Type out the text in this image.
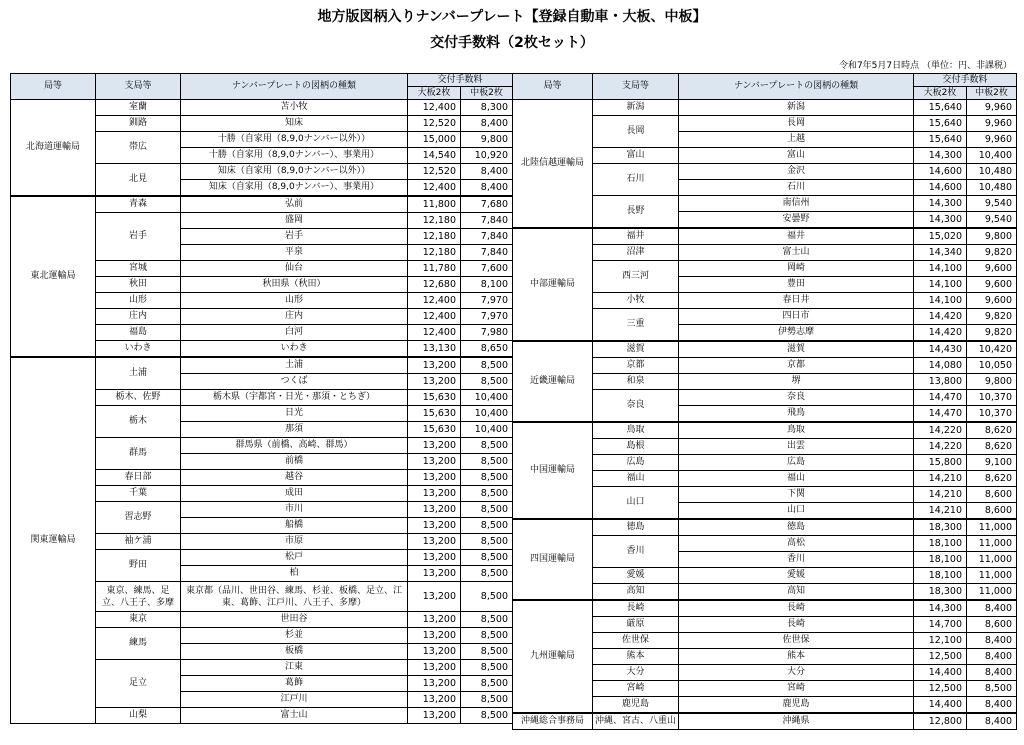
地方版図柄入りナンバープレート【登録自動車・大板、中板】
交付手数料（2枚セット）
令和7年5月7日時点 （単位：円、非課税）
局等	支局等	ナンバープレートの図柄の種類	交付手数料	
			大板2枚	中板2枚
北海道運輸局	室蘭	苫小牧	12,400	8,300
	釧路	知床	12,520	8,400
	帯広	十勝（自家用（8,9,0ナンバー以外））	15,000	9,800
		十勝（自家用（8,9,0ナンバー）、事業用）	14,540	10,920
	北見	知床（自家用（8,9,0ナンバー以外））	12,520	8,400
		知床（自家用（8,9,0ナンバー）、事業用）	12,400	8,400
東北運輸局	青森	弘前	11,800	7,680
	岩手	盛岡	12,180	7,840
		岩手	12,180	7,840
		平泉	12,180	7,840
	宮城	仙台	11,780	7,600
	秋田	秋田県（秋田）	12,680	8,100
	山形	山形	12,400	7,970
	庄内	庄内	12,400	7,970
	福島	白河	12,400	7,980
	いわき	いわき	13,130	8,650
関東運輸局	土浦	土浦	13,200	8,500
		つくば	13,200	8,500
	栃木、佐野	栃木県（宇都宮・日光・那須・とちぎ）	15,630	10,400
	栃木	日光	15,630	10,400
		那須	15,630	10,400
	群馬	群馬県（前橋、高崎、群馬）	13,200	8,500
		前橋	13,200	8,500
	春日部	越谷	13,200	8,500
	千葉	成田	13,200	8,500
	習志野	市川	13,200	8,500
		船橋	13,200	8,500
	袖ケ浦	市原	13,200	8,500
	野田	松戸	13,200	8,500
		柏	13,200	8,500
	東京、練馬、足立、八王子、多摩	東京都（品川、世田谷、練馬、杉並、板橋、足立、江東、葛飾、江戸川、八王子、多摩）	13,200	8,500
	東京	世田谷	13,200	8,500
	練馬	杉並	13,200	8,500
		板橋	13,200	8,500
	足立	江東	13,200	8,500
		葛飾	13,200	8,500
		江戸川	13,200	8,500
	山梨	富士山	13,200	8,500
局等	支局等	ナンバープレートの図柄の種類	交付手数料	
			大板2枚	中板2枚
北陸信越運輸局	新潟	新潟	15,640	9,960
	長岡	長岡	15,640	9,960
		上越	15,640	9,960
	富山	富山	14,300	10,400
	石川	金沢	14,600	10,480
		石川	14,600	10,480
	長野	南信州	14,300	9,540
		安曇野	14,300	9,540
中部運輸局	福井	福井	15,020	9,800
	沼津	富士山	14,340	9,820
	西三河	岡崎	14,100	9,600
		豊田	14,100	9,600
	小牧	春日井	14,100	9,600
	三重	四日市	14,420	9,820
		伊勢志摩	14,420	9,820
近畿運輸局	滋賀	滋賀	14,430	10,420
	京都	京都	14,080	10,050
	和泉	堺	13,800	9,800
	奈良	奈良	14,470	10,370
		飛鳥	14,470	10,370
中国運輸局	鳥取	鳥取	14,220	8,620
	島根	出雲	14,220	8,620
	広島	広島	15,800	9,100
	福山	福山	14,210	8,620
	山口	下関	14,210	8,600
		山口	14,210	8,600
四国運輸局	徳島	徳島	18,300	11,000
	香川	高松	18,100	11,000
		香川	18,100	11,000
	愛媛	愛媛	18,100	11,000
	高知	高知	18,300	11,000
九州運輸局	長崎	長崎	14,300	8,400
	厳原	長崎	14,700	8,600
	佐世保	佐世保	12,100	8,400
	熊本	熊本	12,500	8,400
	大分	大分	14,400	8,400
	宮崎	宮崎	12,500	8,500
	鹿児島	鹿児島	14,400	8,400
沖縄総合事務局	沖縄、宮古、八重山	沖縄県	12,800	8,400
